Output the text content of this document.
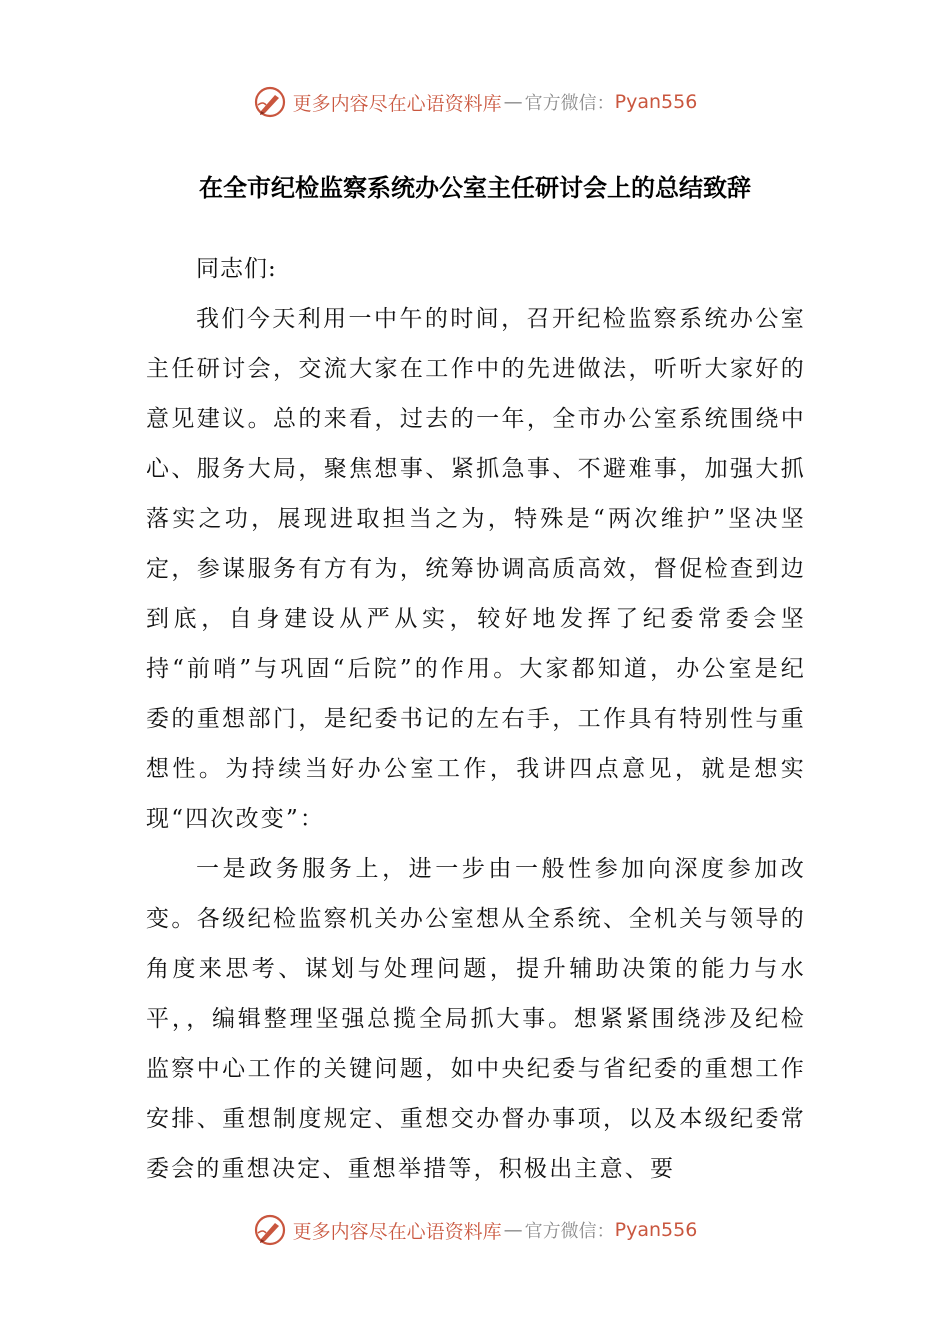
更多内容尽在心语资料库 — 官方微信： Pyan556
在全市纪检监察系统办公室主任研讨会上的总结致辞

同志们:

我们今天利用一中午的时间，召开纪检监察系统办公室主任研讨会，交流大家在工作中的先进做法，听听大家好的意见建议。总的来看，过去的一年，全市办公室系统围绕中心、服务大局，聚焦想事、紧抓急事、不避难事，加强大抓落实之功，展现进取担当之为，特殊是“两次维护”坚决坚定，参谋服务有方有为，统筹协调高质高效，督促检查到边到底，自身建设从严从实，较好地发挥了纪委常委会坚持“前哨”与巩固“后院”的作用。大家都知道，办公室是纪委的重想部门，是纪委书记的左右手，工作具有特别性与重想性。为持续当好办公室工作，我讲四点意见，就是想实现“四次改变”：

一是政务服务上，进一步由一般性参加向深度参加改变。各级纪检监察机关办公室想从全系统、全机关与领导的角度来思考、谋划与处理问题，提升辅助决策的能力与水平，，编辑整理坚强总揽全局抓大事。想紧紧围绕涉及纪检监察中心工作的关键问题，如中央纪委与省纪委的重想工作安排、重想制度规定、重想交办督办事项，以及本级纪委常委会的重想决定、重想举措等，积极出主意、要

更多内容尽在心语资料库 — 官方微信： Pyan556
